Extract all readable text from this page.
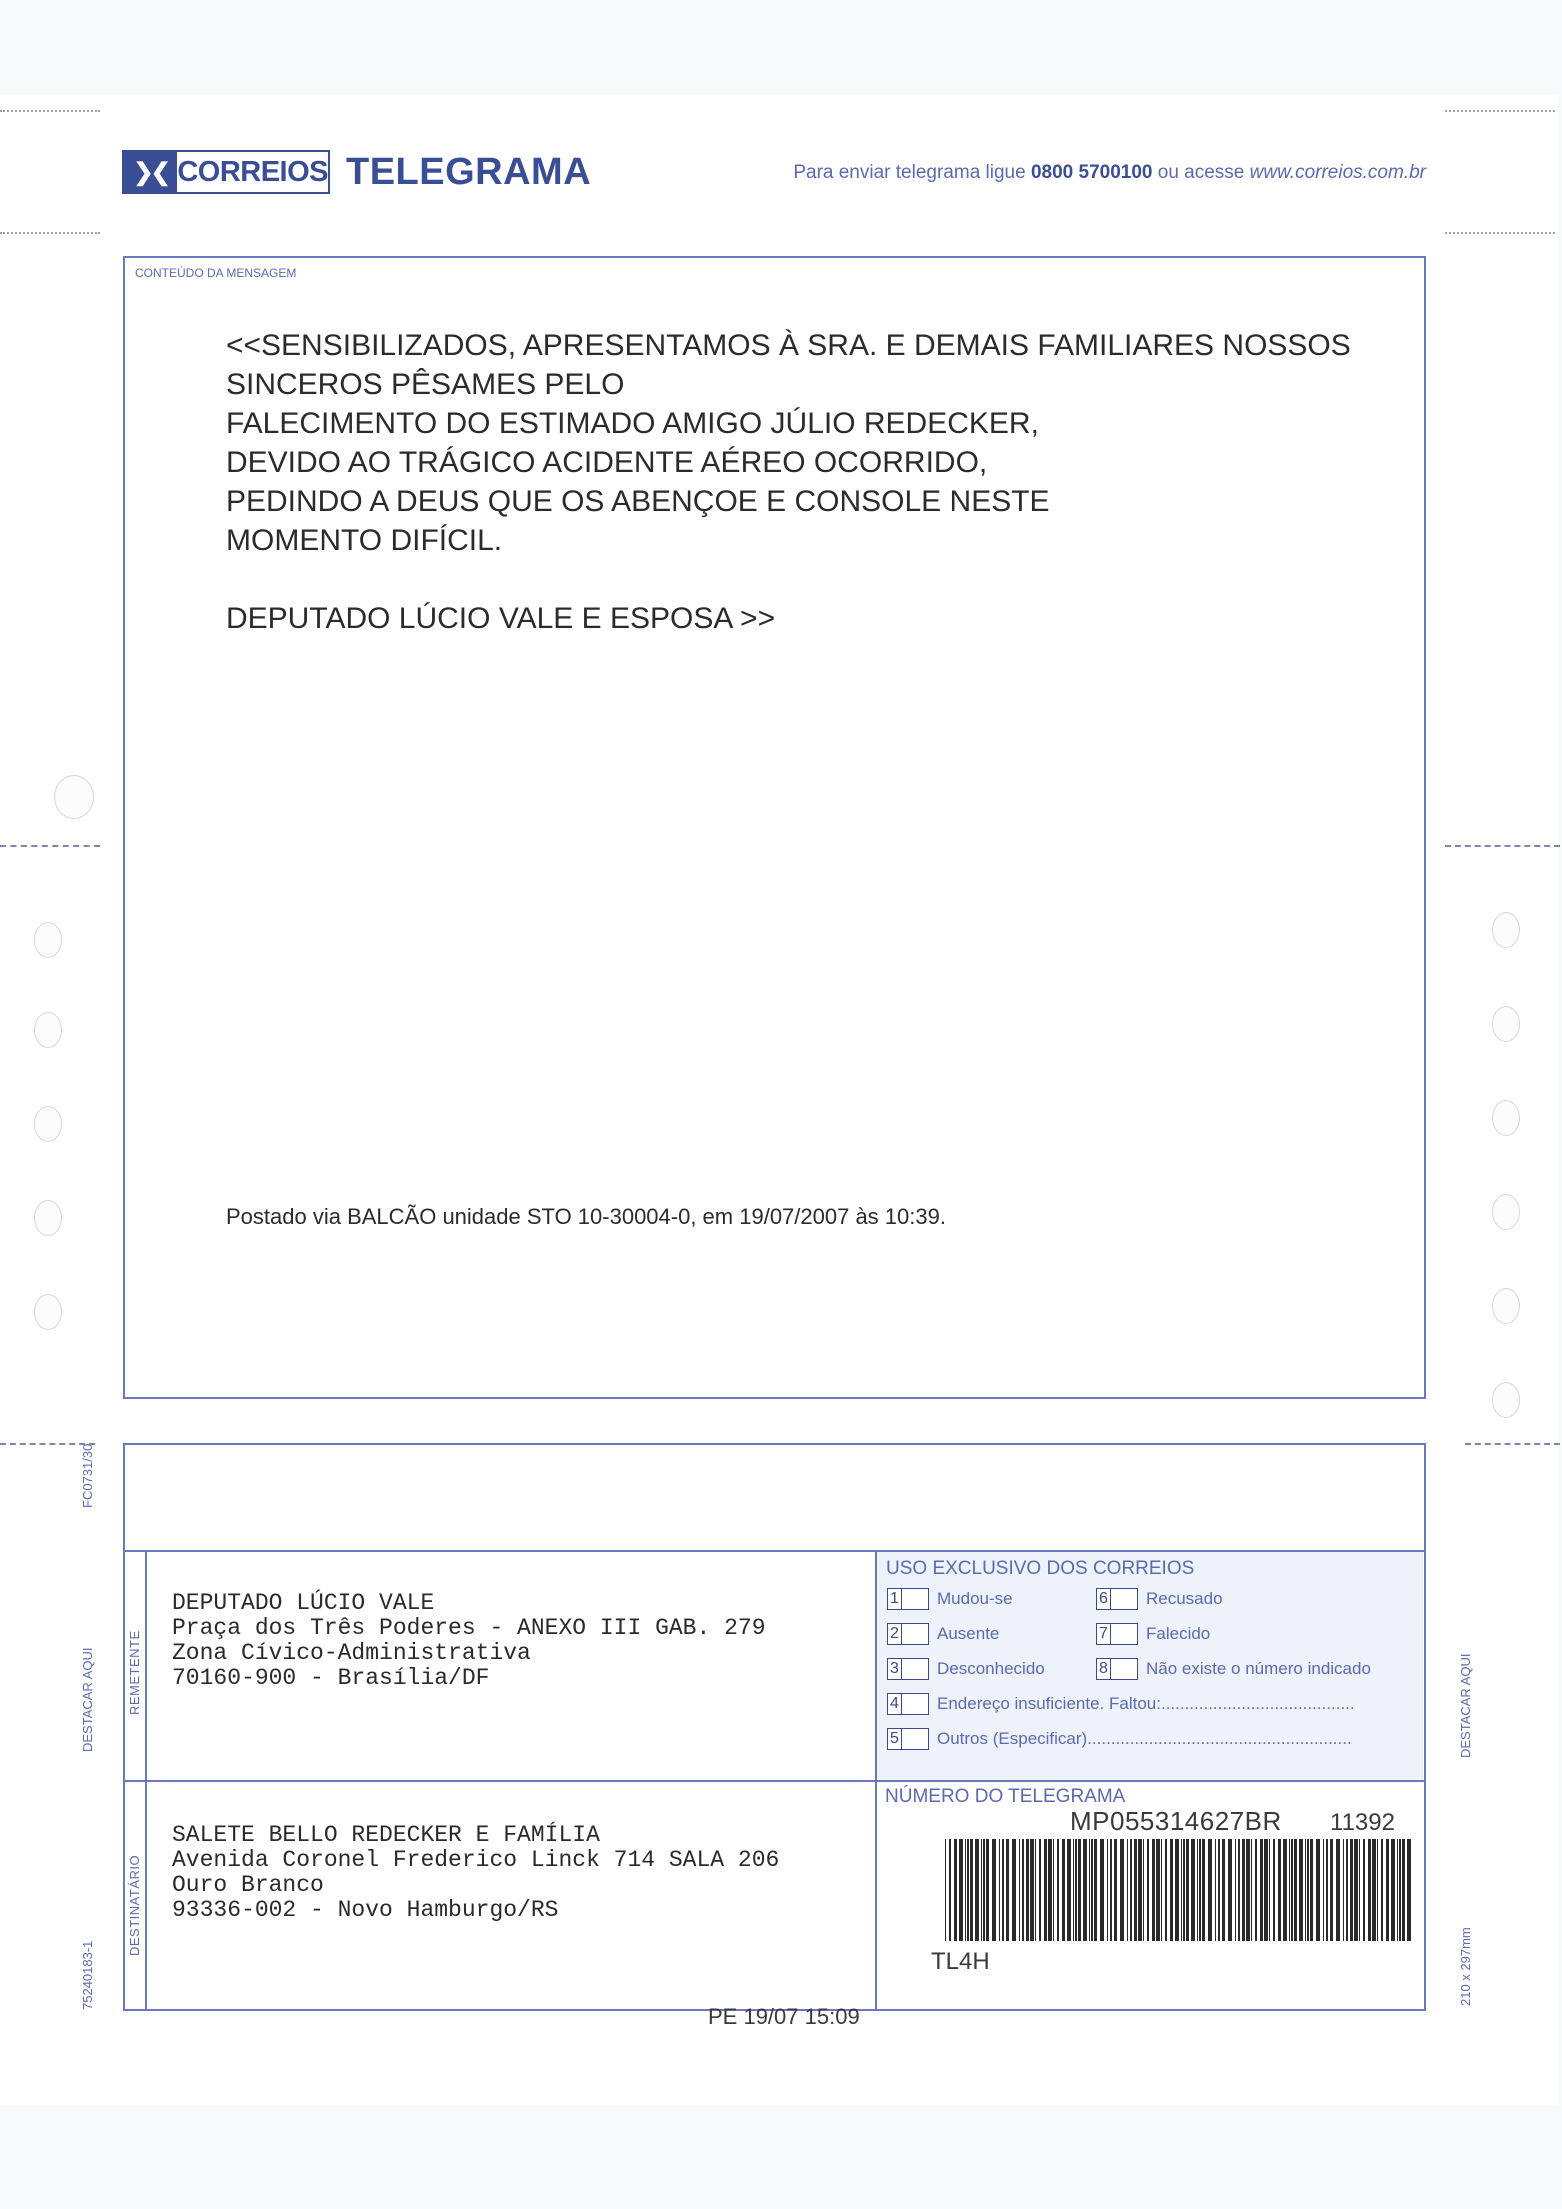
FC0731/30
DESTACAR AQUI
75240183-1
DESTACAR AQUI
210 x 297mm
❯❮ CORREIOS TELEGRAMA	Para enviar telegrama ligue 0800 5700100 ou acesse www.correios.com.br
CONTEÚDO DA MENSAGEM
<<SENSIBILIZADOS, APRESENTAMOS À SRA. E DEMAIS FAMILIARES NOSSOS
SINCEROS PÊSAMES PELO
FALECIMENTO DO ESTIMADO AMIGO JÚLIO REDECKER,
DEVIDO AO TRÁGICO ACIDENTE AÉREO OCORRIDO,
PEDINDO A DEUS QUE OS ABENÇOE E CONSOLE NESTE
MOMENTO DIFÍCIL.
DEPUTADO LÚCIO VALE E ESPOSA >>
Postado via BALCÃO unidade STO 10-30004-0, em 19/07/2007 às 10:39.
REMETENTE
DEPUTADO LÚCIO VALE
Praça dos Três Poderes - ANEXO III GAB. 279
Zona Cívico-Administrativa
70160-900 - Brasília/DF
DESTINATÁRIO
SALETE BELLO REDECKER E FAMÍLIA
Avenida Coronel Frederico Linck 714 SALA 206
Ouro Branco
93336-002 - Novo Hamburgo/RS
USO EXCLUSIVO DOS CORREIOS
1 Mudou-se	6 Recusado
2 Ausente	7 Falecido
3 Desconhecido	8 Não existe o número indicado
4 Endereço insuficiente. Faltou: .........................................
5 Outros (Especificar) ........................................................
NÚMERO DO TELEGRAMA
MP055314627BR 11392
TL4H
PE 19/07 15:09
